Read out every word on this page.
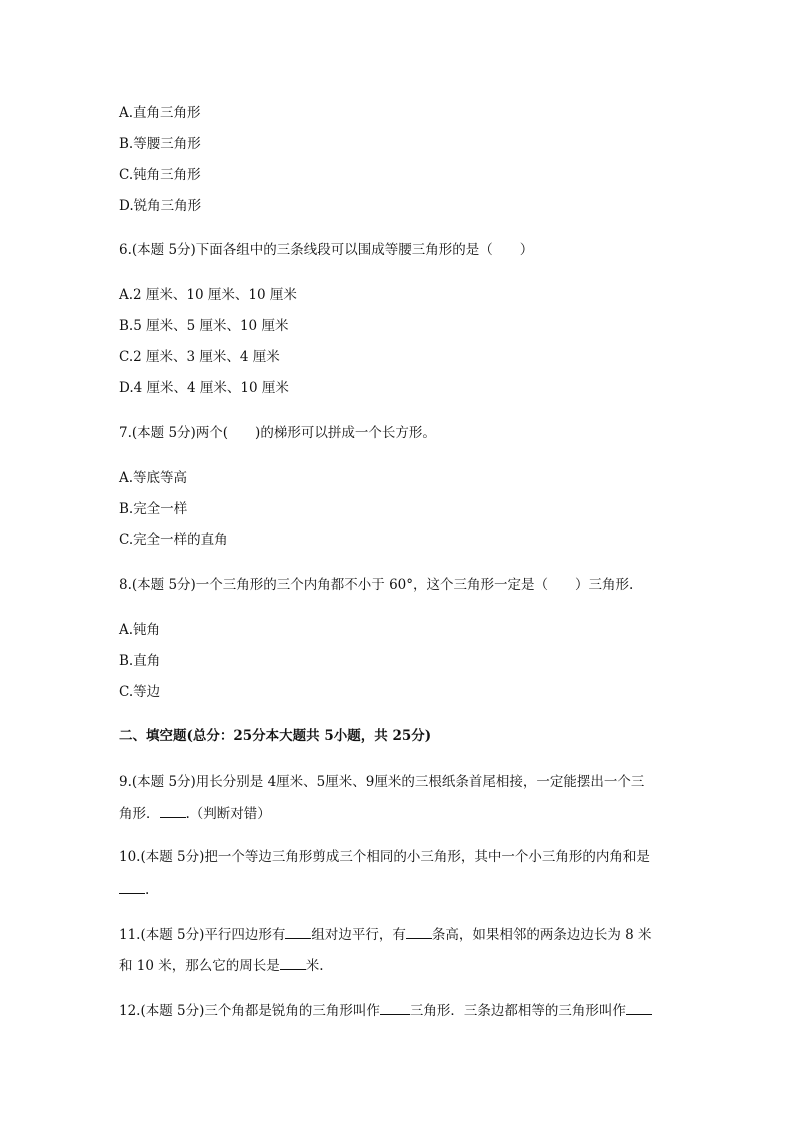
A.直角三角形
B.等腰三角形
C.钝角三角形
D.锐角三角形
6.(本题 5分)下面各组中的三条线段可以围成等腰三角形的是（　　）
A.2 厘米、10 厘米、10 厘米
B.5 厘米、5 厘米、10 厘米
C.2 厘米、3 厘米、4 厘米
D.4 厘米、4 厘米、10 厘米
7.(本题 5分)两个(　　)的梯形可以拼成一个长方形。
A.等底等高
B.完全一样
C.完全一样的直角
8.(本题 5分)一个三角形的三个内角都不小于 60°，这个三角形一定是（　　）三角形.
A.钝角
B.直角
C.等边
二、填空题(总分：25分本大题共 5小题，共 25分)
9.(本题 5分)用长分别是 4厘米、5厘米、9厘米的三根纸条首尾相接，一定能摆出一个三
角形． .（判断对错）
10.(本题 5分)把一个等边三角形剪成三个相同的小三角形，其中一个小三角形的内角和是
.
11.(本题 5分)平行四边形有 组对边平行，有 条高，如果相邻的两条边边长为 8 米
和 10 米，那么它的周长是 米.
12.(本题 5分)三个角都是锐角的三角形叫作 三角形．三条边都相等的三角形叫作
